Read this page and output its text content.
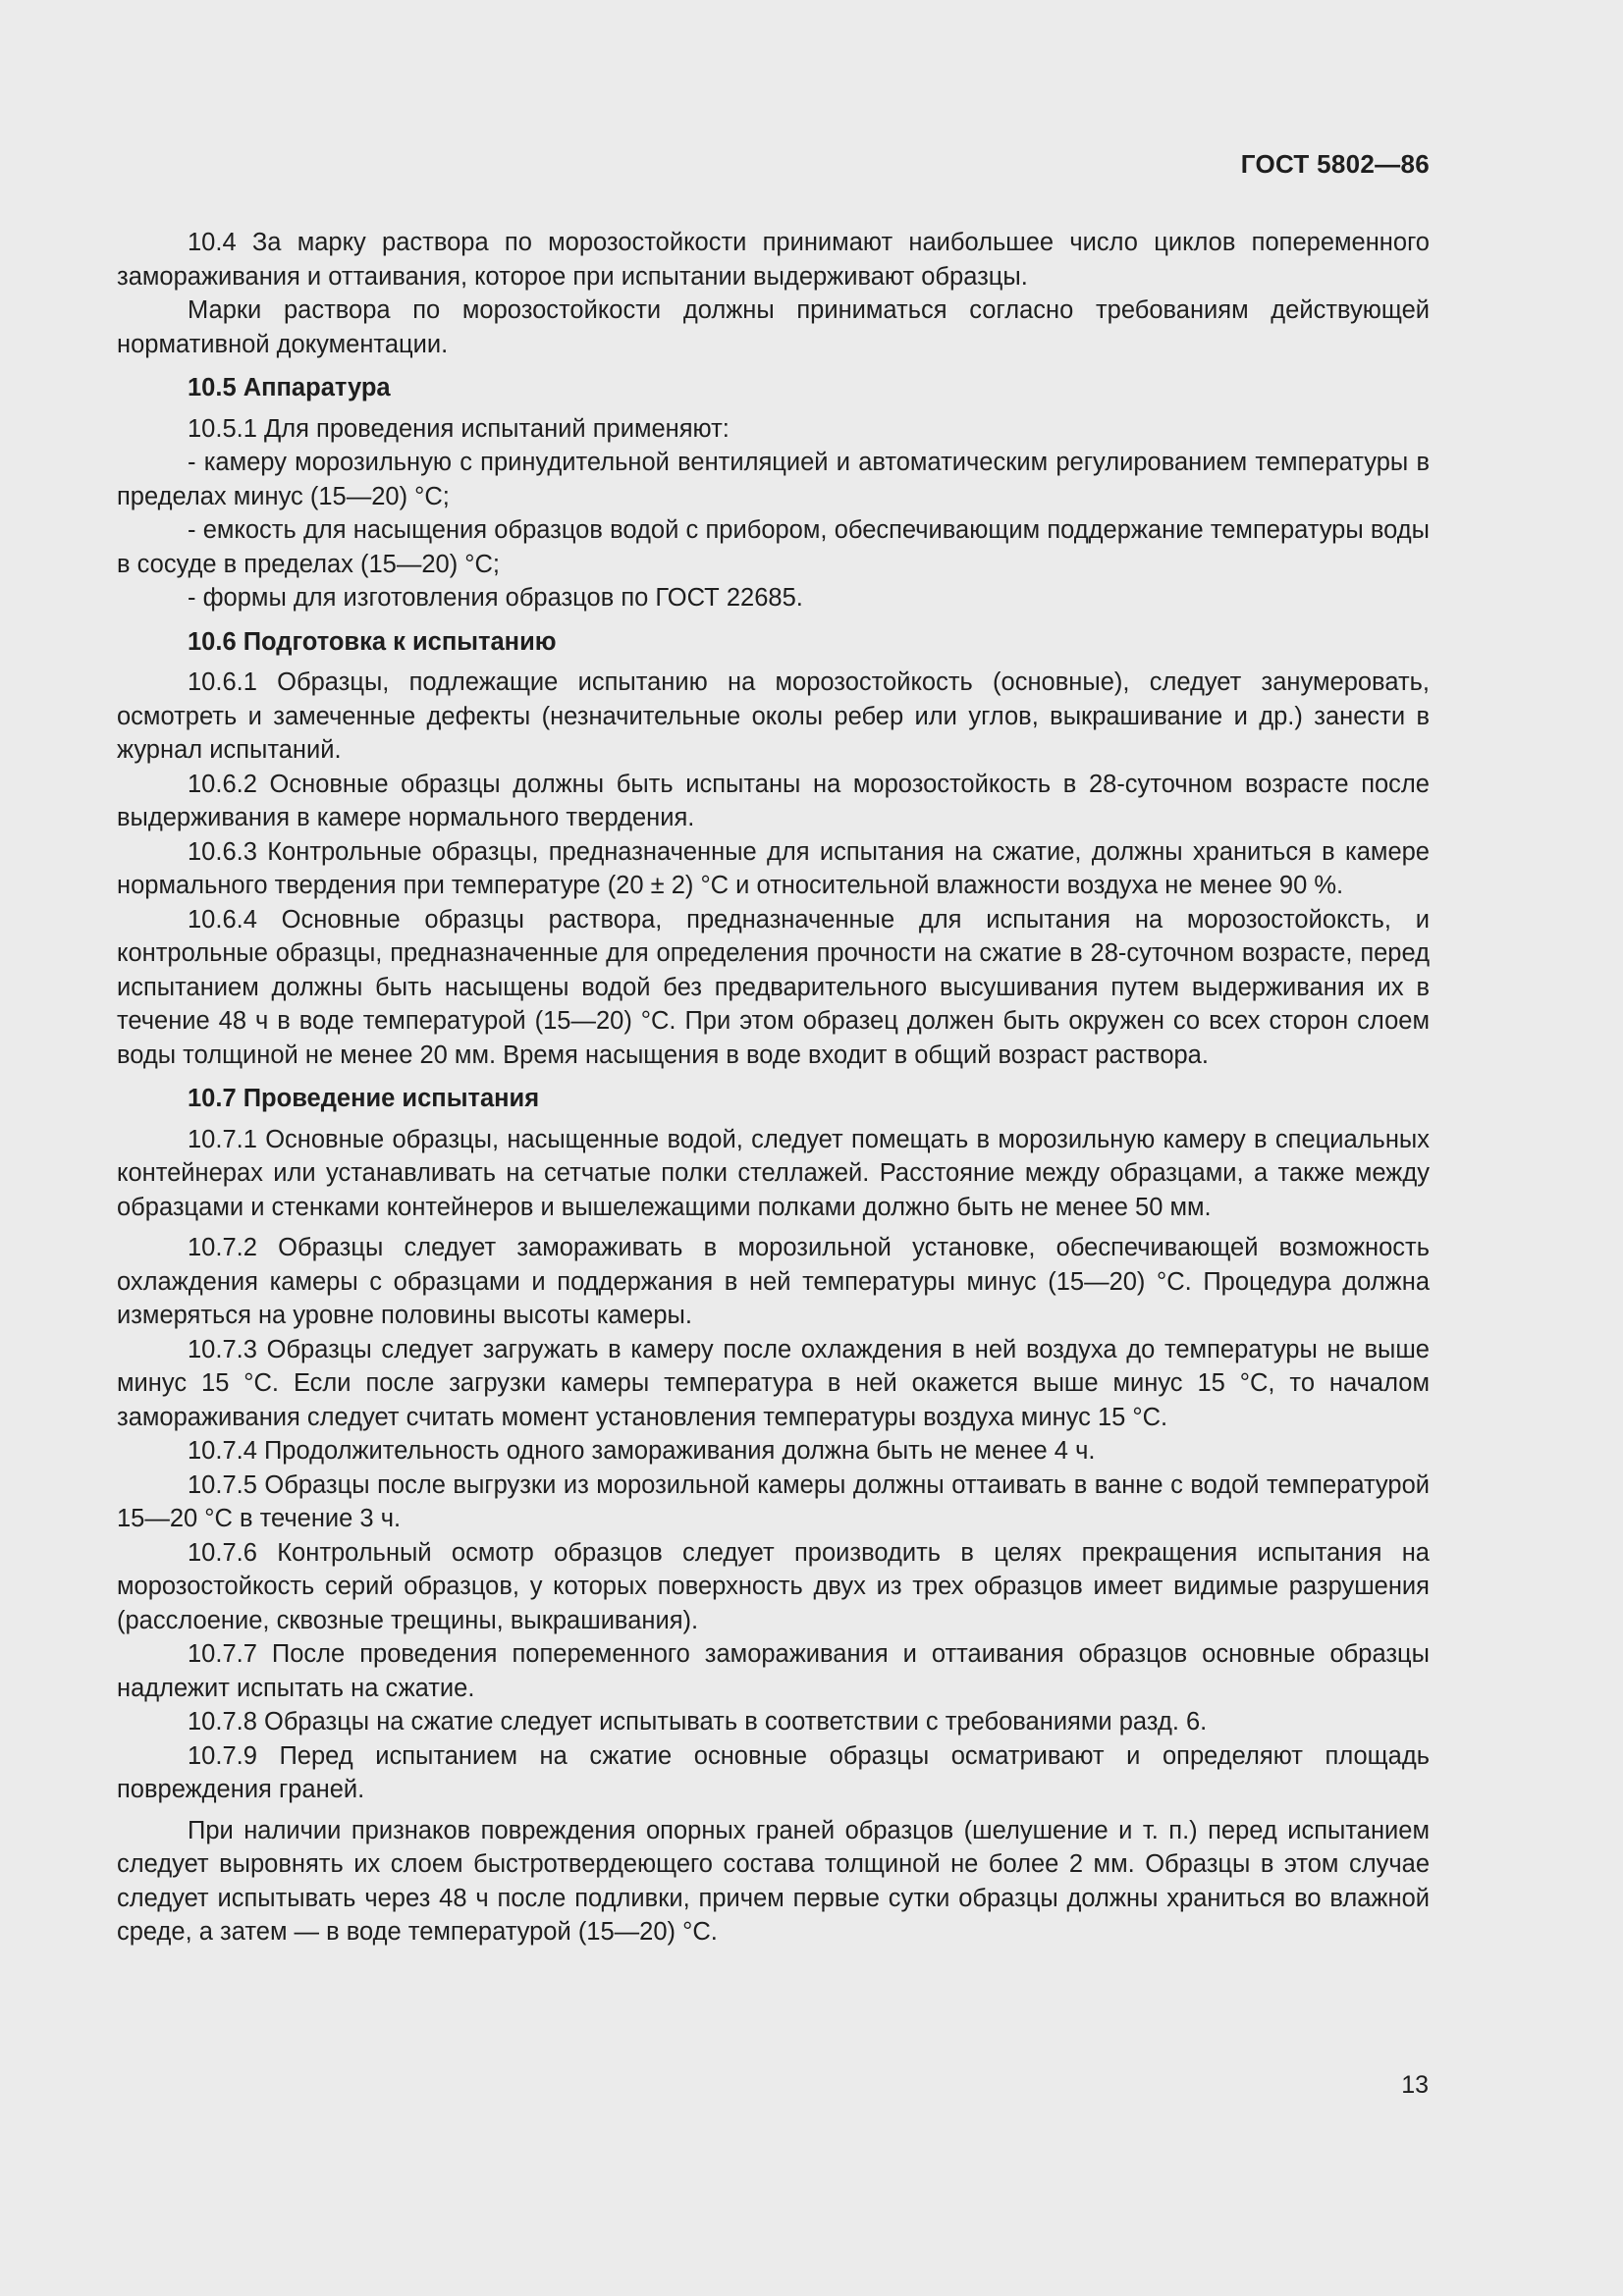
ГОСТ 5802—86

10.4 За марку раствора по морозостойкости принимают наибольшее число циклов попеременного замораживания и оттаивания, которое при испытании выдерживают образцы.

Марки раствора по морозостойкости должны приниматься согласно требованиям действующей нормативной документации.

10.5 Аппаратура

10.5.1 Для проведения испытаний применяют:

- камеру морозильную с принудительной вентиляцией и автоматическим регулированием температуры в пределах минус (15—20) °С;

- емкость для насыщения образцов водой с прибором, обеспечивающим поддержание температуры воды в сосуде в пределах (15—20) °С;

- формы для изготовления образцов по ГОСТ 22685.

10.6 Подготовка к испытанию

10.6.1 Образцы, подлежащие испытанию на морозостойкость (основные), следует занумеровать, осмотреть и замеченные дефекты (незначительные околы ребер или углов, выкрашивание и др.) занести в журнал испытаний.

10.6.2 Основные образцы должны быть испытаны на морозостойкость в 28-суточном возрасте после выдерживания в камере нормального твердения.

10.6.3 Контрольные образцы, предназначенные для испытания на сжатие, должны храниться в камере нормального твердения при температуре (20 ± 2) °С и относительной влажности воздуха не менее 90 %.

10.6.4 Основные образцы раствора, предназначенные для испытания на морозостойокcть, и контрольные образцы, предназначенные для определения прочности на сжатие в 28-суточном возрасте, перед испытанием должны быть насыщены водой без предварительного высушивания путем выдерживания их в течение 48 ч в воде температурой (15—20) °С. При этом образец должен быть окружен со всех сторон слоем воды толщиной не менее 20 мм. Время насыщения в воде входит в общий возраст раствора.

10.7 Проведение испытания

10.7.1 Основные образцы, насыщенные водой, следует помещать в морозильную камеру в специальных контейнерах или устанавливать на сетчатые полки стеллажей. Расстояние между образцами, а также между образцами и стенками контейнеров и вышележащими полками должно быть не менее 50 мм.

10.7.2 Образцы следует замораживать в морозильной установке, обеспечивающей возможность охлаждения камеры с образцами и поддержания в ней температуры минус (15—20) °С. Процедура должна измеряться на уровне половины высоты камеры.

10.7.3 Образцы следует загружать в камеру после охлаждения в ней воздуха до температуры не выше минус 15 °С. Если после загрузки камеры температура в ней окажется выше минус 15 °С, то началом замораживания следует считать момент установления температуры воздуха минус 15 °С.

10.7.4 Продолжительность одного замораживания должна быть не менее 4 ч.

10.7.5 Образцы после выгрузки из морозильной камеры должны оттаивать в ванне с водой температурой 15—20 °С в течение 3 ч.

10.7.6 Контрольный осмотр образцов следует производить в целях прекращения испытания на морозостойкость серий образцов, у которых поверхность двух из трех образцов имеет видимые разрушения (расслоение, сквозные трещины, выкрашивания).

10.7.7 После проведения попеременного замораживания и оттаивания образцов основные образцы надлежит испытать на сжатие.

10.7.8 Образцы на сжатие следует испытывать в соответствии с требованиями разд. 6.

10.7.9 Перед испытанием на сжатие основные образцы осматривают и определяют площадь повреждения граней.

При наличии признаков повреждения опорных граней образцов (шелушение и т. п.) перед испытанием следует выровнять их слоем быстротвердеющего состава толщиной не более 2 мм. Образцы в этом случае следует испытывать через 48 ч после подливки, причем первые сутки образцы должны храниться во влажной среде, а затем — в воде температурой (15—20) °С.

13
